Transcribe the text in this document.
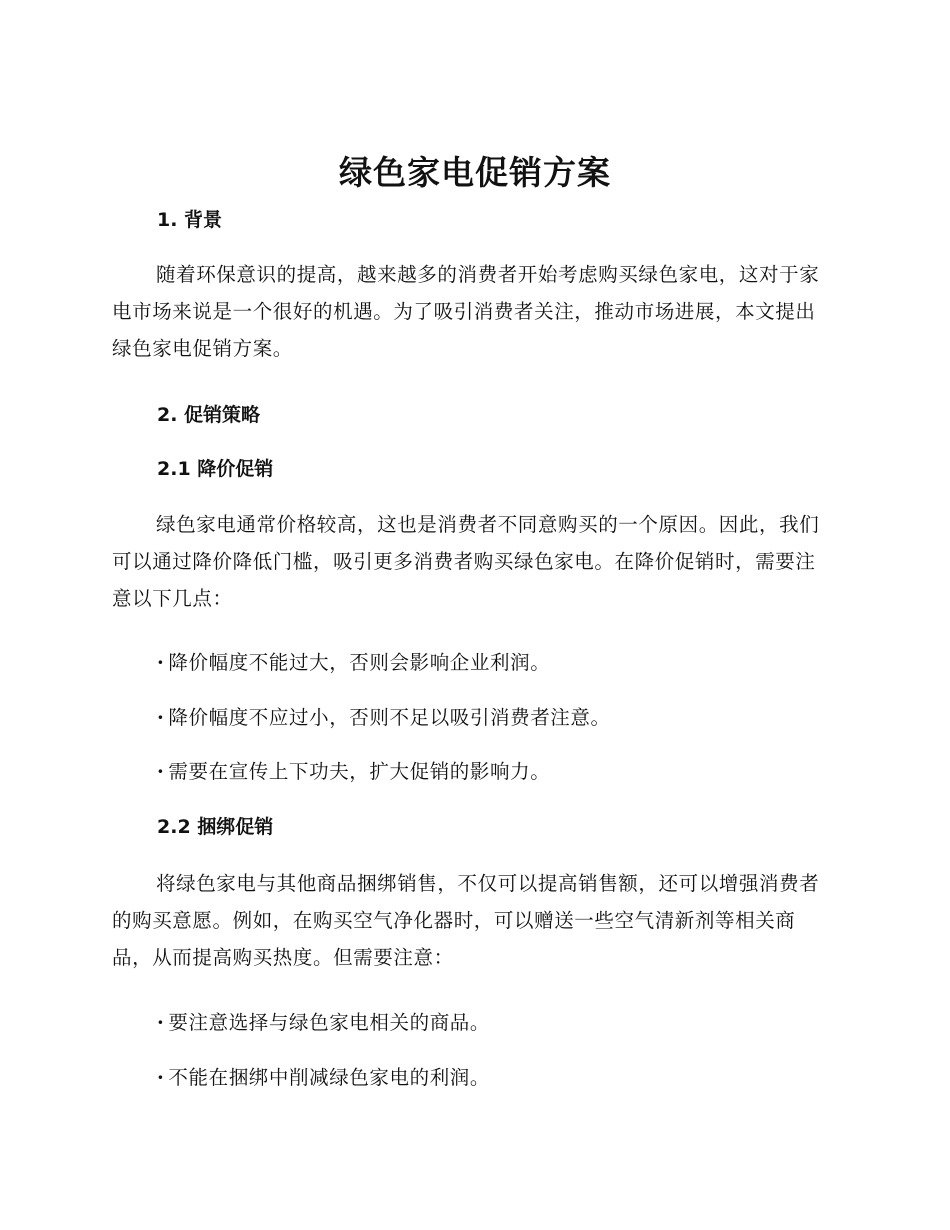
绿色家电促销方案
1. 背景
随着环保意识的提高，越来越多的消费者开始考虑购买绿色家电，这对于家电市场来说是一个很好的机遇。为了吸引消费者关注，推动市场进展，本文提出绿色家电促销方案。
2. 促销策略
2.1 降价促销
绿色家电通常价格较高，这也是消费者不同意购买的一个原因。因此，我们可以通过降价降低门槛，吸引更多消费者购买绿色家电。在降价促销时，需要注意以下几点：
· 降价幅度不能过大，否则会影响企业利润。
· 降价幅度不应过小，否则不足以吸引消费者注意。
· 需要在宣传上下功夫，扩大促销的影响力。
2.2 捆绑促销
将绿色家电与其他商品捆绑销售，不仅可以提高销售额，还可以增强消费者的购买意愿。例如，在购买空气净化器时，可以赠送一些空气清新剂等相关商品，从而提高购买热度。但需要注意：
· 要注意选择与绿色家电相关的商品。
· 不能在捆绑中削减绿色家电的利润。
